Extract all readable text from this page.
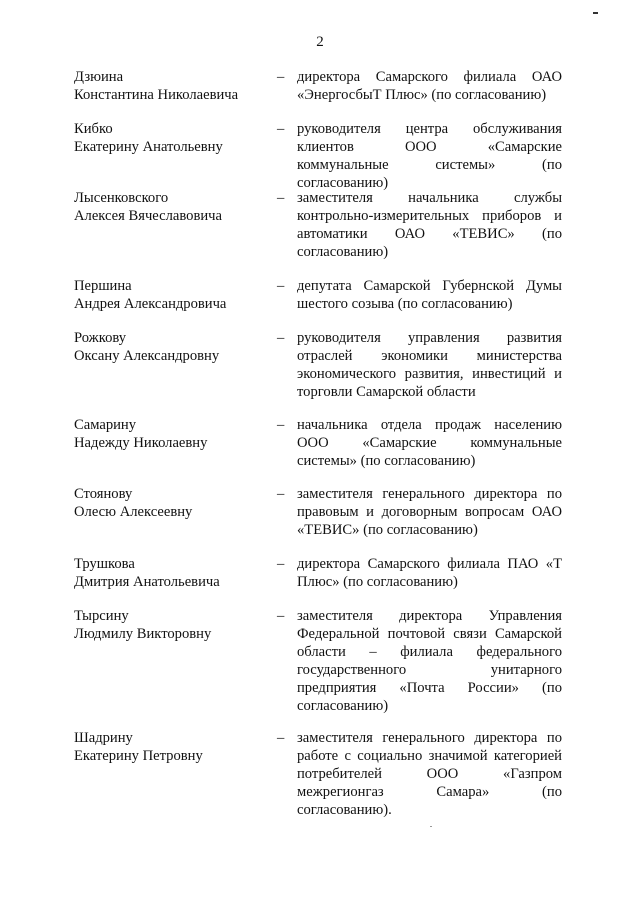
2
Дзюина
Константина Николаевича
– директора Самарского филиала ОАО «ЭнергосбыТ Плюс» (по согласованию)
Кибко
Екатерину Анатольевну
– руководителя центра обслуживания клиентов ООО «Самарские коммунальные системы» (по согласованию)
Лысенковского
Алексея Вячеславовича
– заместителя начальника службы контрольно-измерительных приборов и автоматики ОАО «ТЕВИС» (по согласованию)
Першина
Андрея Александровича
– депутата Самарской Губернской Думы шестого созыва (по согласованию)
Рожкову
Оксану Александровну
– руководителя управления развития отраслей экономики министерства экономического развития, инвестиций и торговли Самарской области
Самарину
Надежду Николаевну
– начальника отдела продаж населению ООО «Самарские коммунальные системы» (по согласованию)
Стоянову
Олесю Алексеевну
– заместителя генерального директора по правовым и договорным вопросам ОАО «ТЕВИС» (по согласованию)
Трушкова
Дмитрия Анатольевича
– директора Самарского филиала ПАО «Т Плюс» (по согласованию)
Тырсину
Людмилу Викторовну
– заместителя директора Управления Федеральной почтовой связи Самарской области – филиала федерального государственного унитарного предприятия «Почта России» (по согласованию)
Шадрину
Екатерину Петровну
– заместителя генерального директора по работе с социально значимой категорией потребителей ООО «Газпром межрегионгаз Самара» (по согласованию).
